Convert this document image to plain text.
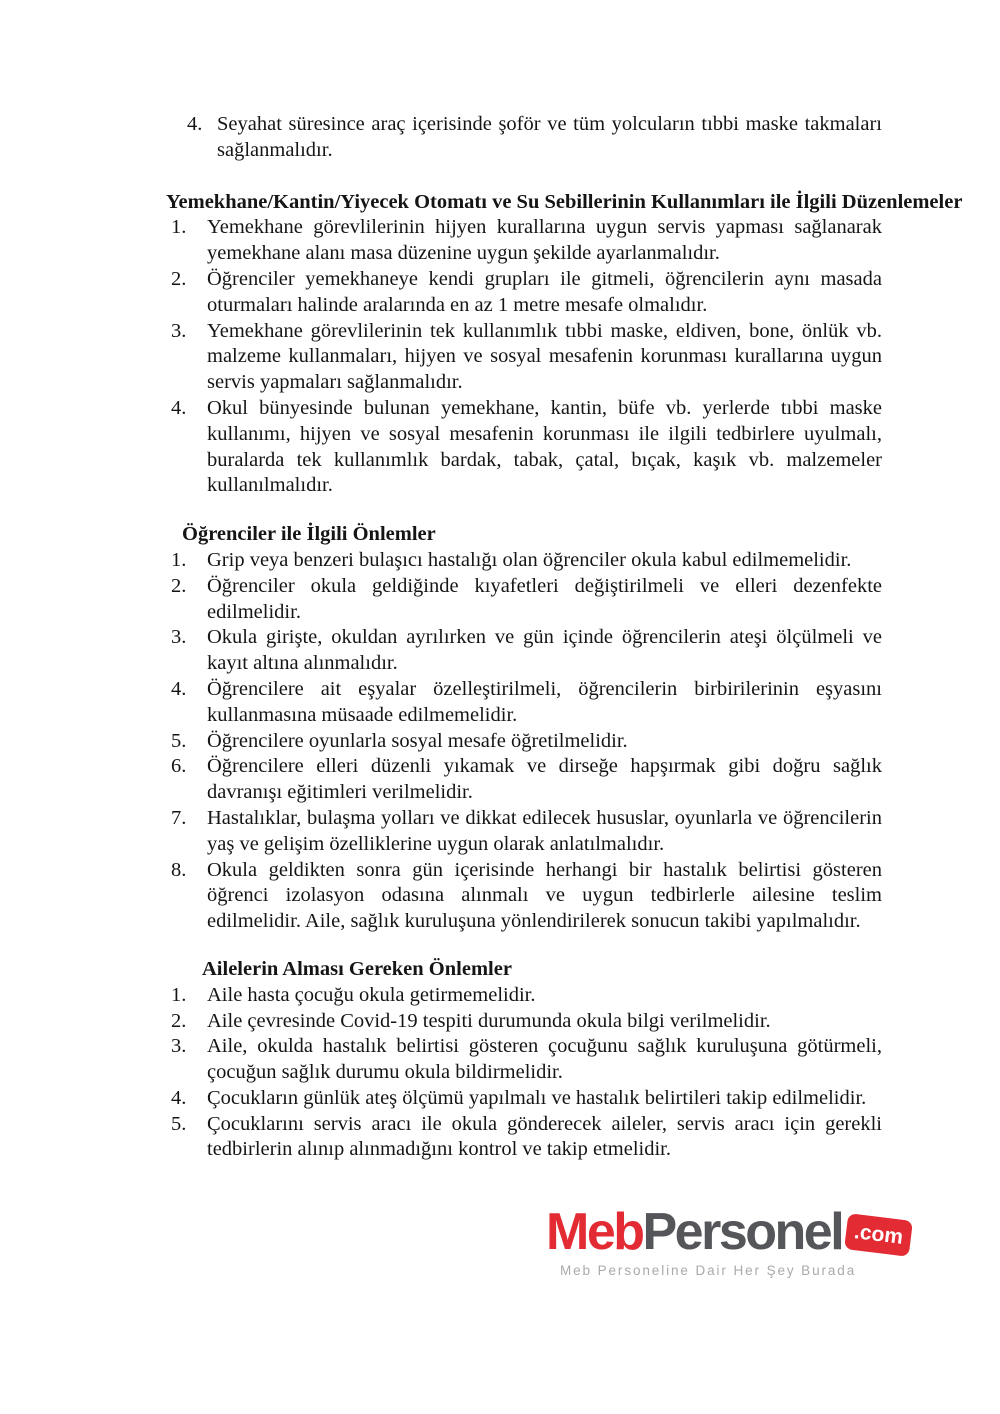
4. Seyahat süresince araç içerisinde şoför ve tüm yolcuların tıbbi maske takmaları sağlanmalıdır.
Yemekhane/Kantin/Yiyecek Otomatı ve Su Sebillerinin Kullanımları ile İlgili Düzenlemeler
1.	Yemekhane görevlilerinin hijyen kurallarına uygun servis yapması sağlanarak yemekhane alanı masa düzenine uygun şekilde ayarlanmalıdır.
2.	Öğrenciler yemekhaneye kendi grupları ile gitmeli, öğrencilerin aynı masada oturmaları halinde aralarında en az 1 metre mesafe olmalıdır.
3.	Yemekhane görevlilerinin tek kullanımlık tıbbi maske, eldiven, bone, önlük vb. malzeme kullanmaları, hijyen ve sosyal mesafenin korunması kurallarına uygun servis yapmaları sağlanmalıdır.
4.	Okul bünyesinde bulunan yemekhane, kantin, büfe vb. yerlerde tıbbi maske kullanımı, hijyen ve sosyal mesafenin korunması ile ilgili tedbirlere uyulmalı, buralarda tek kullanımlık bardak, tabak, çatal, bıçak, kaşık vb. malzemeler kullanılmalıdır.
Öğrenciler ile İlgili Önlemler
1.	Grip veya benzeri bulaşıcı hastalığı olan öğrenciler okula kabul edilmemelidir.
2.	Öğrenciler okula geldiğinde kıyafetleri değiştirilmeli ve elleri dezenfekte edilmelidir.
3.	Okula girişte, okuldan ayrılırken ve gün içinde öğrencilerin ateşi ölçülmeli ve kayıt altına alınmalıdır.
4.	Öğrencilere ait eşyalar özelleştirilmeli, öğrencilerin birbirilerinin eşyasını kullanmasına müsaade edilmemelidir.
5.	Öğrencilere oyunlarla sosyal mesafe öğretilmelidir.
6.	Öğrencilere elleri düzenli yıkamak ve dirseğe hapşırmak gibi doğru sağlık davranışı eğitimleri verilmelidir.
7.	Hastalıklar, bulaşma yolları ve dikkat edilecek hususlar, oyunlarla ve öğrencilerin yaş ve gelişim özelliklerine uygun olarak anlatılmalıdır.
8.	Okula geldikten sonra gün içerisinde herhangi bir hastalık belirtisi gösteren öğrenci izolasyon odasına alınmalı ve uygun tedbirlerle ailesine teslim edilmelidir. Aile, sağlık kuruluşuna yönlendirilerek sonucun takibi yapılmalıdır.
Ailelerin Alması Gereken Önlemler
1.	Aile hasta çocuğu okula getirmemelidir.
2.	Aile çevresinde Covid-19 tespiti durumunda okula bilgi verilmelidir.
3.	Aile, okulda hastalık belirtisi gösteren çocuğunu sağlık kuruluşuna götürmeli, çocuğun sağlık durumu okula bildirmelidir.
4.	Çocukların günlük ateş ölçümü yapılmalı ve hastalık belirtileri takip edilmelidir.
5.	Çocuklarını servis aracı ile okula gönderecek aileler, servis aracı için gerekli tedbirlerin alınıp alınmadığını kontrol ve takip etmelidir.
Meb Personel .com
Meb Personeline Dair Her Şey Burada
